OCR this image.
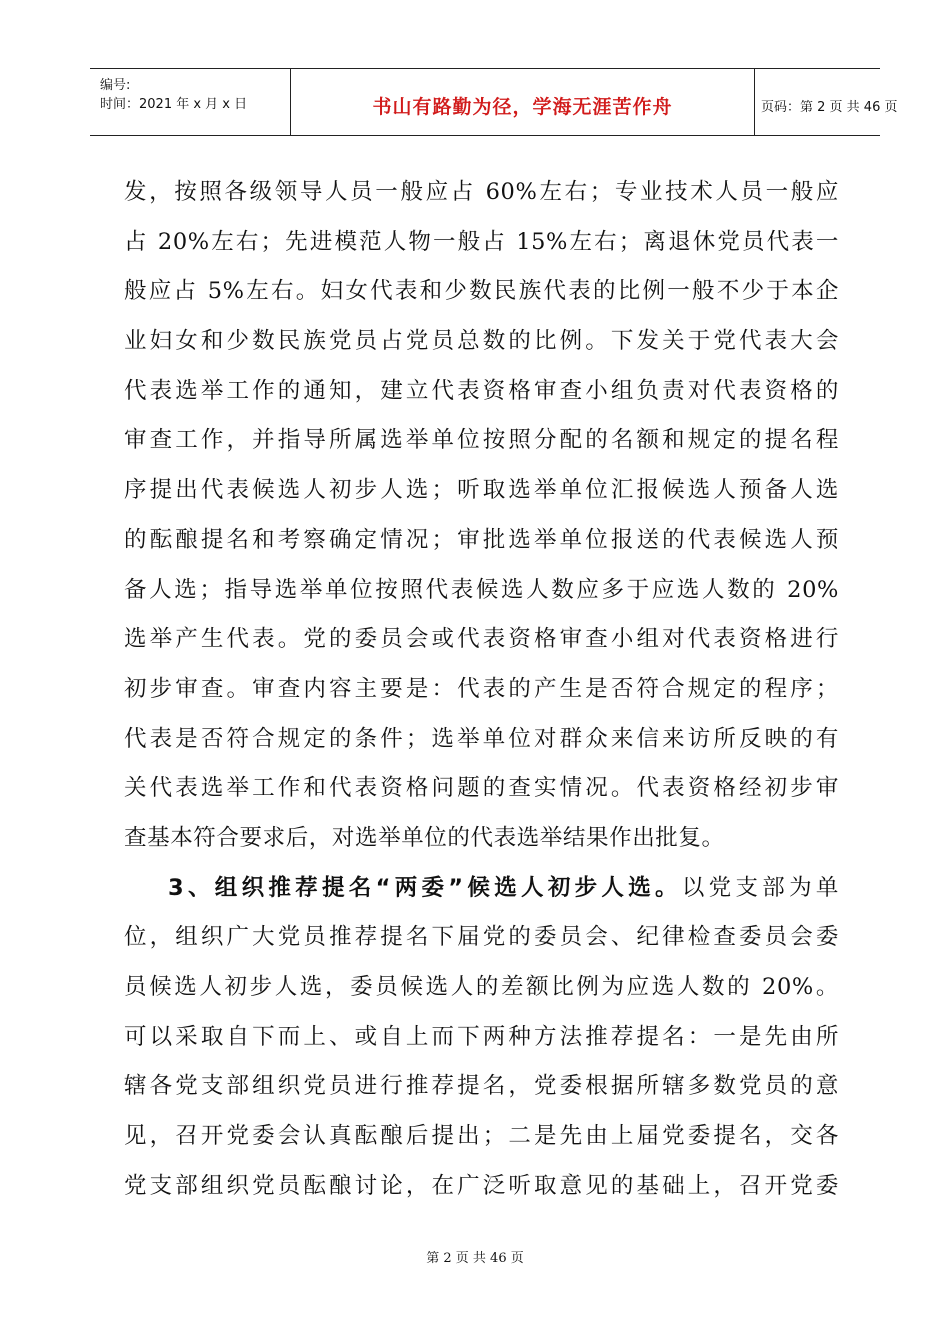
编号:
时间：2021 年 x 月 x 日	书山有路勤为径，学海无涯苦作舟	页码：第 2 页 共 46 页
发，按照各级领导人员一般应占 60%左右；专业技术人员一般应
占 20%左右；先进模范人物一般占 15%左右；离退休党员代表一
般应占 5%左右。妇女代表和少数民族代表的比例一般不少于本企
业妇女和少数民族党员占党员总数的比例。下发关于党代表大会
代表选举工作的通知，建立代表资格审查小组负责对代表资格的
审查工作，并指导所属选举单位按照分配的名额和规定的提名程
序提出代表候选人初步人选；听取选举单位汇报候选人预备人选
的酝酿提名和考察确定情况；审批选举单位报送的代表候选人预
备人选；指导选举单位按照代表候选人数应多于应选人数的 20%
选举产生代表。党的委员会或代表资格审查小组对代表资格进行
初步审查。审查内容主要是：代表的产生是否符合规定的程序；
代表是否符合规定的条件；选举单位对群众来信来访所反映的有
关代表选举工作和代表资格问题的查实情况。代表资格经初步审
查基本符合要求后，对选举单位的代表选举结果作出批复。
3、组织推荐提名“两委”候选人初步人选。以党支部为单
位，组织广大党员推荐提名下届党的委员会、纪律检查委员会委
员候选人初步人选，委员候选人的差额比例为应选人数的 20%。
可以采取自下而上、或自上而下两种方法推荐提名：一是先由所
辖各党支部组织党员进行推荐提名，党委根据所辖多数党员的意
见，召开党委会认真酝酿后提出；二是先由上届党委提名，交各
党支部组织党员酝酿讨论，在广泛听取意见的基础上，召开党委
第 2 页 共 46 页
